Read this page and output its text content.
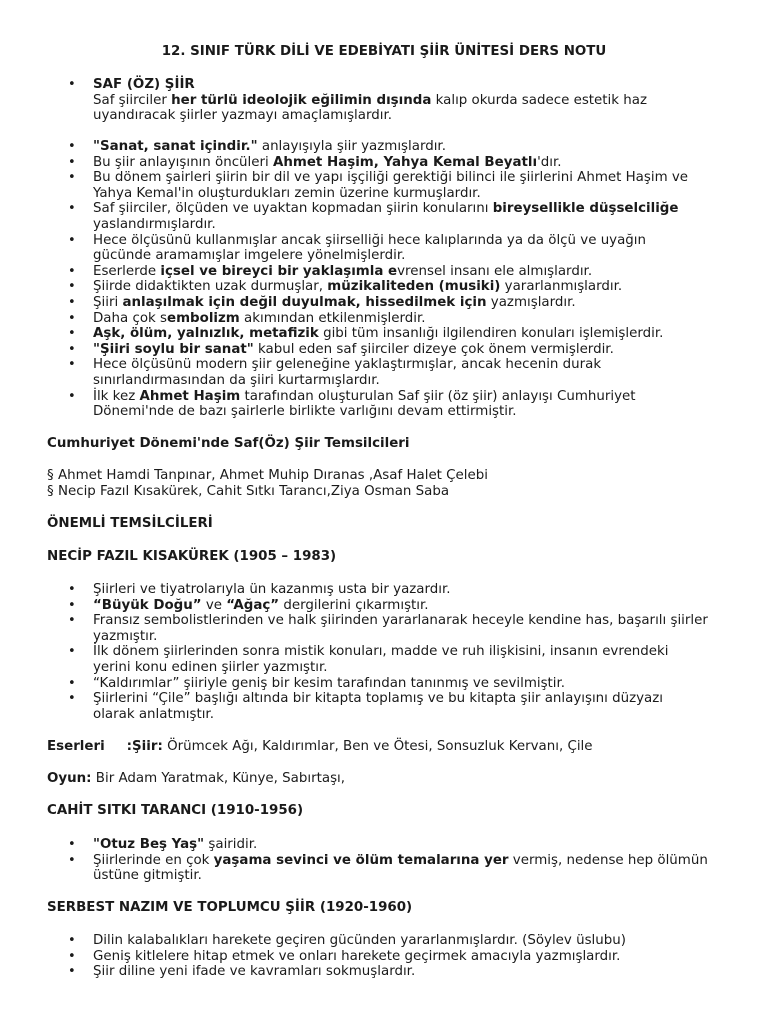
12. SINIF TÜRK DİLİ VE EDEBİYATI ŞİİR ÜNİTESİ DERS NOTU
• SAF (ÖZ) ŞİİR
Saf şiirciler her türlü ideolojik eğilimin dışında kalıp okurda sadece estetik haz uyandıracak şiirler yazmayı amaçlamışlardır.
• "Sanat, sanat içindir." anlayışıyla şiir yazmışlardır.
• Bu şiir anlayışının öncüleri Ahmet Haşim, Yahya Kemal Beyatlı'dır.
• Bu dönem şairleri şiirin bir dil ve yapı işçiliği gerektiği bilinci ile şiirlerini Ahmet Haşim ve Yahya Kemal'in oluşturdukları zemin üzerine kurmuşlardır.
• Saf şiirciler, ölçüden ve uyaktan kopmadan şiirin konularını bireysellikle düşselciliğe yaslandırmışlardır.
• Hece ölçüsünü kullanmışlar ancak şiirselliği hece kalıplarında ya da ölçü ve uyağın gücünde aramamışlar imgelere yönelmişlerdir.
• Eserlerde içsel ve bireyci bir yaklaşımla evrensel insanı ele almışlardır.
• Şiirde didaktikten uzak durmuşlar, müzikaliteden (musiki) yararlanmışlardır.
• Şiiri anlaşılmak için değil duyulmak, hissedilmek için yazmışlardır.
• Daha çok sembolizm akımından etkilenmişlerdir.
• Aşk, ölüm, yalnızlık, metafizik gibi tüm insanlığı ilgilendiren konuları işlemişlerdir.
• "Şiiri soylu bir sanat" kabul eden saf şiirciler dizeye çok önem vermişlerdir.
• Hece ölçüsünü modern şiir geleneğine yaklaştırmışlar, ancak hecenin durak sınırlandırmasından da şiiri kurtarmışlardır.
• İlk kez Ahmet Haşim tarafından oluşturulan Saf şiir (öz şiir) anlayışı Cumhuriyet Dönemi'nde de bazı şairlerle birlikte varlığını devam ettirmiştir.
Cumhuriyet Dönemi'nde Saf(Öz) Şiir Temsilcileri
§ Ahmet Hamdi Tanpınar, Ahmet Muhip Dıranas ,Asaf Halet Çelebi
§ Necip Fazıl Kısakürek, Cahit Sıtkı Tarancı,Ziya Osman Saba
ÖNEMLİ TEMSİLCİLERİ
NECİP FAZIL KISAKÜREK (1905 – 1983)
• Şiirleri ve tiyatrolarıyla ün kazanmış usta bir yazardır.
• “Büyük Doğu” ve “Ağaç” dergilerini çıkarmıştır.
• Fransız sembolistlerinden ve halk şiirinden yararlanarak heceyle kendine has, başarılı şiirler yazmıştır.
• İlk dönem şiirlerinden sonra mistik konuları, madde ve ruh ilişkisini, insanın evrendeki yerini konu edinen şiirler yazmıştır.
• “Kaldırımlar” şiiriyle geniş bir kesim tarafından tanınmış ve sevilmiştir.
• Şiirlerini “Çile” başlığı altında bir kitapta toplamış ve bu kitapta şiir anlayışını düzyazı olarak anlatmıştır.
Eserleri :Şiir: Örümcek Ağı, Kaldırımlar, Ben ve Ötesi, Sonsuzluk Kervanı, Çile
Oyun: Bir Adam Yaratmak, Künye, Sabırtaşı,
CAHİT SITKI TARANCI (1910-1956)
• "Otuz Beş Yaş" şairidir.
• Şiirlerinde en çok yaşama sevinci ve ölüm temalarına yer vermiş, nedense hep ölümün üstüne gitmiştir.
SERBEST NAZIM VE TOPLUMCU ŞİİR (1920-1960)
• Dilin kalabalıkları harekete geçiren gücünden yararlanmışlardır. (Söylev üslubu)
• Geniş kitlelere hitap etmek ve onları harekete geçirmek amacıyla yazmışlardır.
• Şiir diline yeni ifade ve kavramları sokmuşlardır.
